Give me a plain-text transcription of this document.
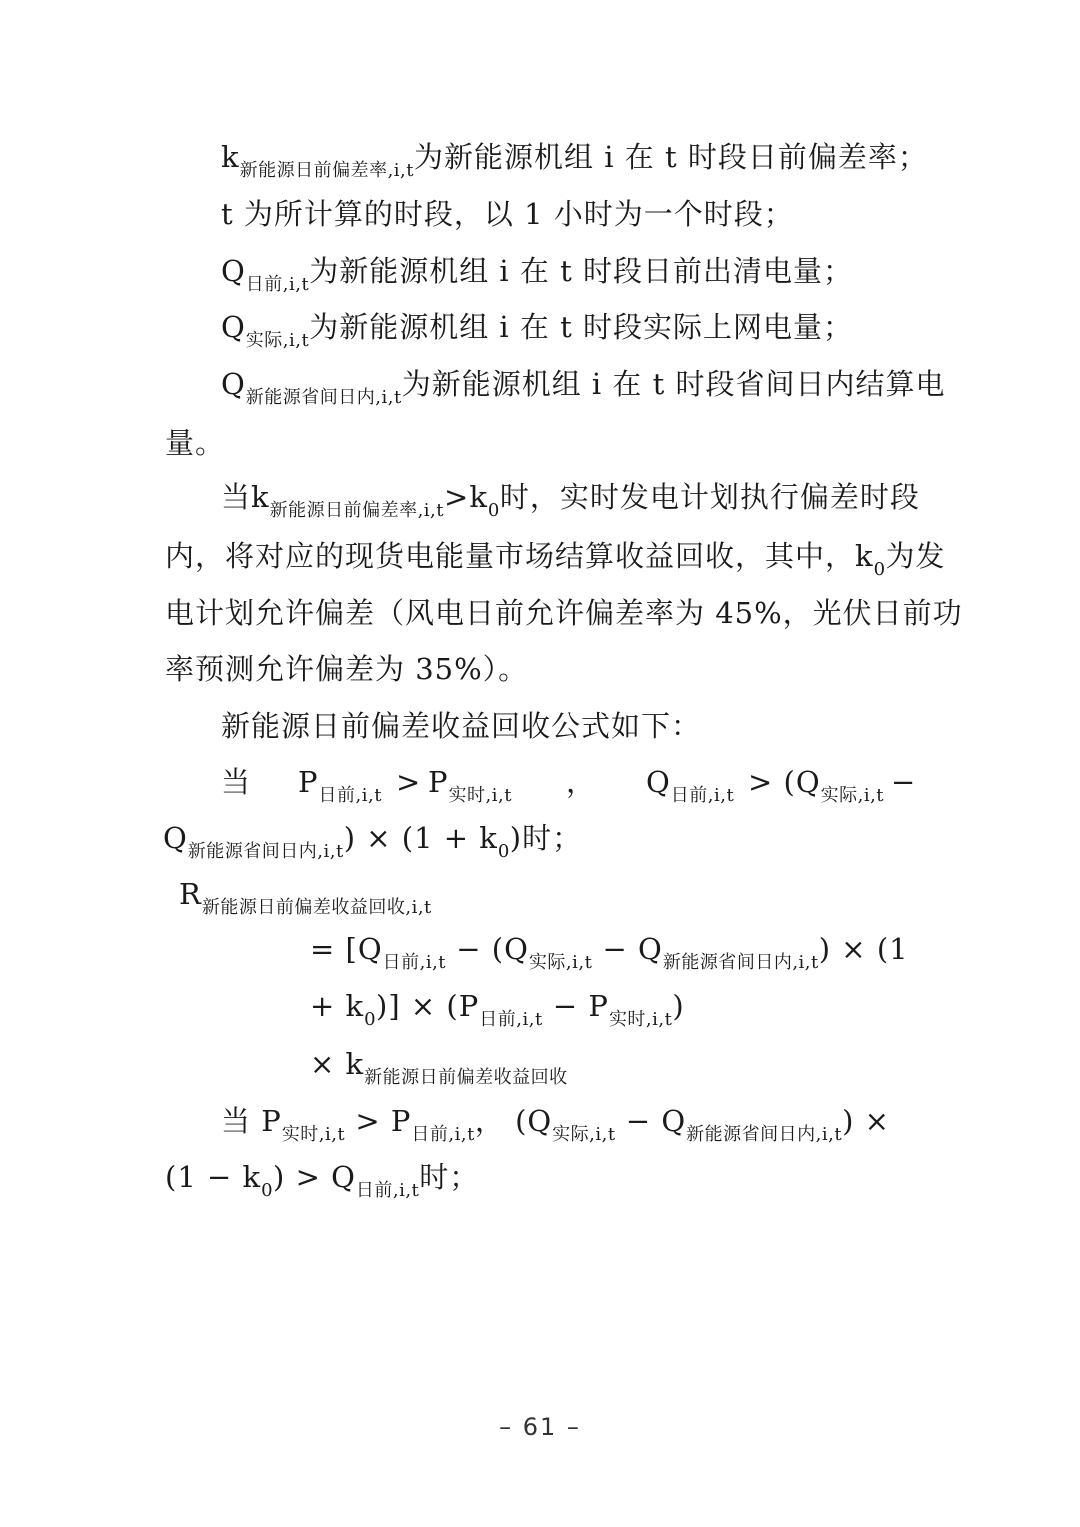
$k_{新能源日前偏差率,i,t}$为新能源机组 i 在 t 时段日前偏差率；
t 为所计算的时段，以 1 小时为一个时段；
$Q_{日前,i,t}$为新能源机组 i 在 t 时段日前出清电量；
$Q_{实际,i,t}$为新能源机组 i 在 t 时段实际上网电量；
$Q_{新能源省间日内,i,t}$为新能源机组 i 在 t 时段省间日内结算电
量。
当$k_{新能源日前偏差率,i,t}>k_0$时，实时发电计划执行偏差时段
内，将对应的现货电能量市场结算收益回收，其中，$k_0$为发
电计划允许偏差（风电日前允许偏差率为 45%，光伏日前功
率预测允许偏差为 35%）。
新能源日前偏差收益回收公式如下：
当 $P_{日前,i,t} > P_{实时,i,t}$ ， $Q_{日前,i,t} > (Q_{实际,i,t}$ −
$Q_{新能源省间日内,i,t}) \times (1 + k_0)$时；
$R_{新能源日前偏差收益回收,i,t}$
= [$Q_{日前,i,t} - (Q_{实际,i,t} - Q_{新能源省间日内,i,t}) \times (1$
+ $k_0)] \times (P_{日前,i,t} - P_{实时,i,t})$
× $k_{新能源日前偏差收益回收}$
当 $P_{实时,i,t} > P_{日前,i,t}$， $(Q_{实际,i,t} - Q_{新能源省间日内,i,t})$ ×
$(1 - k_0) > Q_{日前,i,t}$时；
– 61 –
